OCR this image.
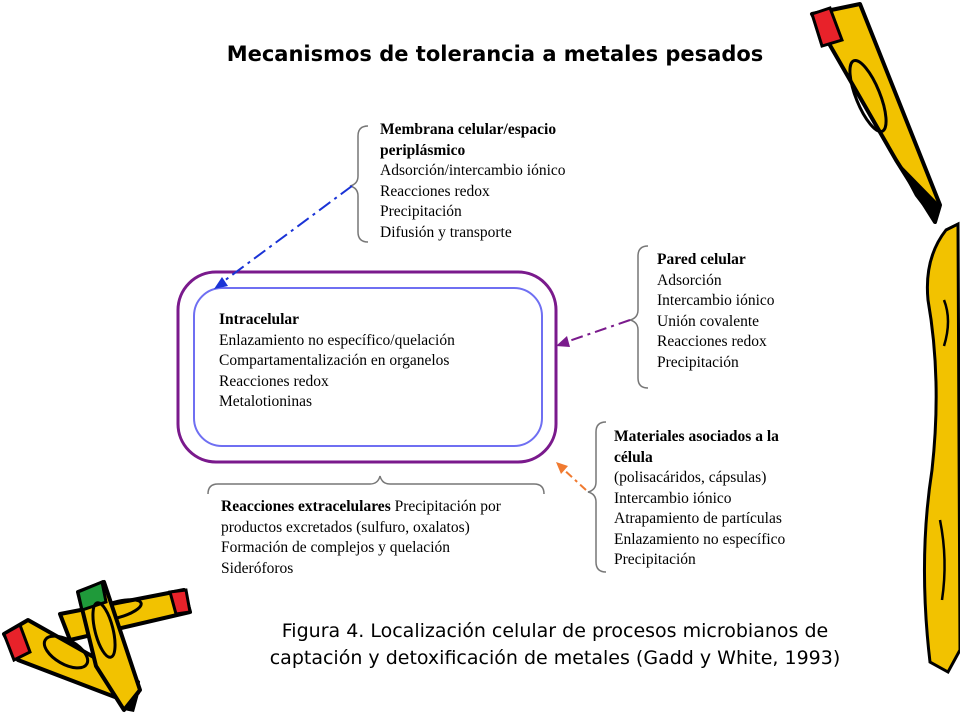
Mecanismos de tolerancia a metales pesados
Membrana celular/espacio
periplásmico
Adsorción/intercambio iónico
Reacciones redox
Precipitación
Difusión y transporte
Pared celular
Adsorción
Intercambio iónico
Unión covalente
Reacciones redox
Precipitación
Intracelular
Enlazamiento no específico/quelación
Compartamentalización en organelos
Reacciones redox
Metalotioninas
Materiales asociados a la
célula
(polisacáridos, cápsulas)
Intercambio iónico
Atrapamiento de partículas
Enlazamiento no específico
Precipitación
Reacciones extracelulares Precipitación por
productos excretados (sulfuro, oxalatos)
Formación de complejos y quelación
Sideróforos
Figura 4. Localización celular de procesos microbianos de
captación y detoxificación de metales (Gadd y White, 1993)
